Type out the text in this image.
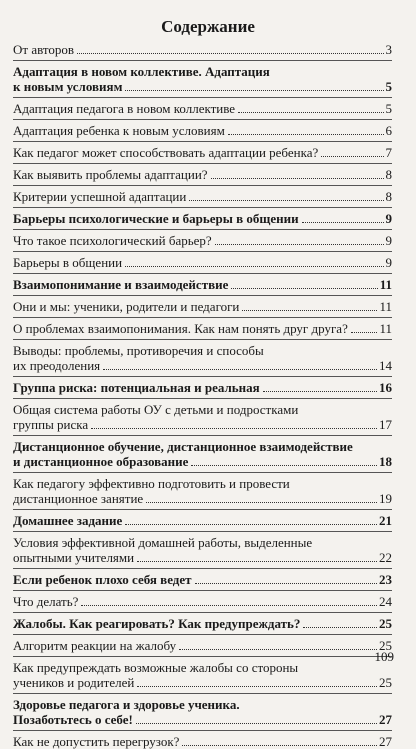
Содержание
От авторов	3
Адаптация в новом коллективе. Адаптация
к новым условиям	5
Адаптация педагога в новом коллективе	5
Адаптация ребенка к новым условиям	6
Как педагог может способствовать адаптации ребенка?	7
Как выявить проблемы адаптации?	8
Критерии успешной адаптации	8
Барьеры психологические и барьеры в общении	9
Что такое психологический барьер?	9
Барьеры в общении	9
Взаимопонимание и взаимодействие	11
Они и мы: ученики, родители и педагоги	11
О проблемах взаимопонимания. Как нам понять друг друга? 11
Выводы: проблемы, противоречия и способы
их преодоления	14
Группа риска: потенциальная и реальная	16
Общая система работы ОУ с детьми и подростками
группы риска	17
Дистанционное обучение, дистанционное взаимодействие
и дистанционное образование	18
Как педагогу эффективно подготовить и провести
дистанционное занятие	19
Домашнее задание	21
Условия эффективной домашней работы, выделенные
опытными учителями	22
Если ребенок плохо себя ведет	23
Что делать?	24
Жалобы. Как реагировать? Как предупреждать?	25
Алгоритм реакции на жалобу	25
Как предупреждать возможные жалобы со стороны
учеников и родителей	25
Здоровье педагога и здоровье ученика.
Позаботьтесь о себе!	27
Как не допустить перегрузок?	27
109
